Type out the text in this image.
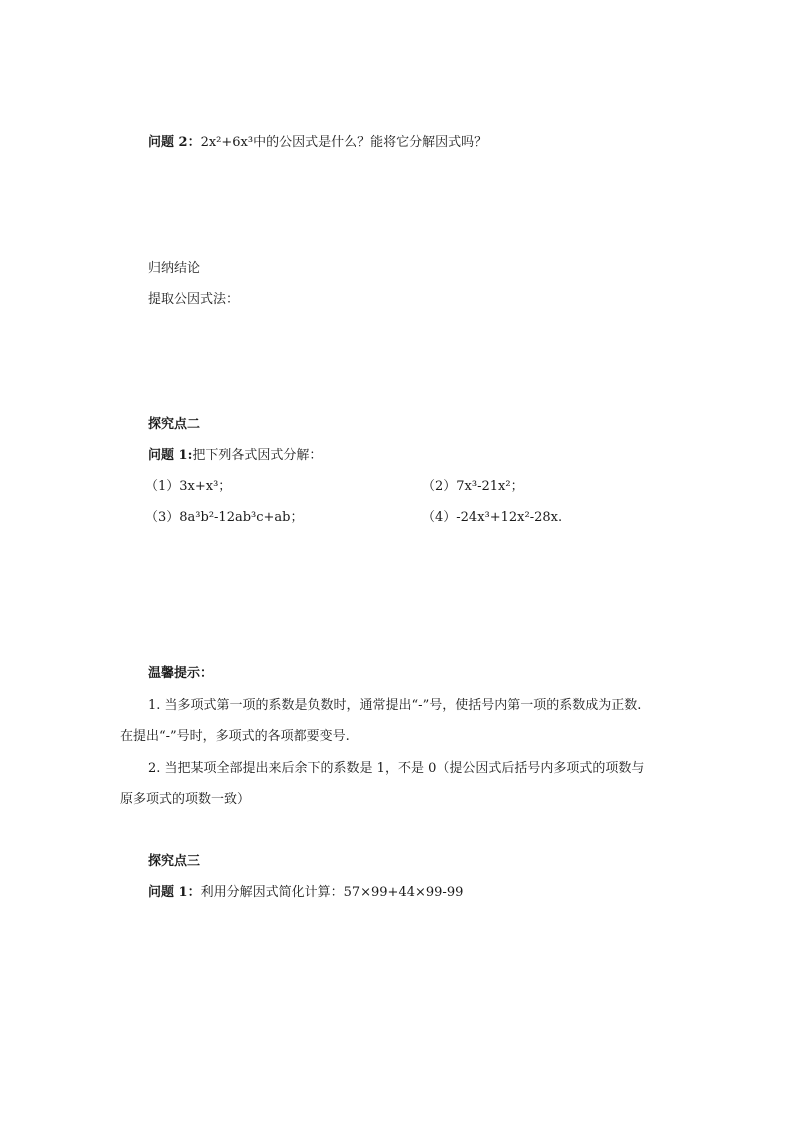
问题 2：2x²+6x³中的公因式是什么？能将它分解因式吗？
归纳结论
提取公因式法：
探究点二
问题 1:把下列各式因式分解：
（1）3x+x³；	（2）7x³-21x²；
（3）8a³b²-12ab³c+ab；	（4）-24x³+12x²-28x.
温馨提示：
1. 当多项式第一项的系数是负数时，通常提出“-”号，使括号内第一项的系数成为正数.
在提出“-”号时，多项式的各项都要变号.
2. 当把某项全部提出来后余下的系数是 1，不是 0（提公因式后括号内多项式的项数与
原多项式的项数一致）
探究点三
问题 1：利用分解因式简化计算：57×99+44×99-99
